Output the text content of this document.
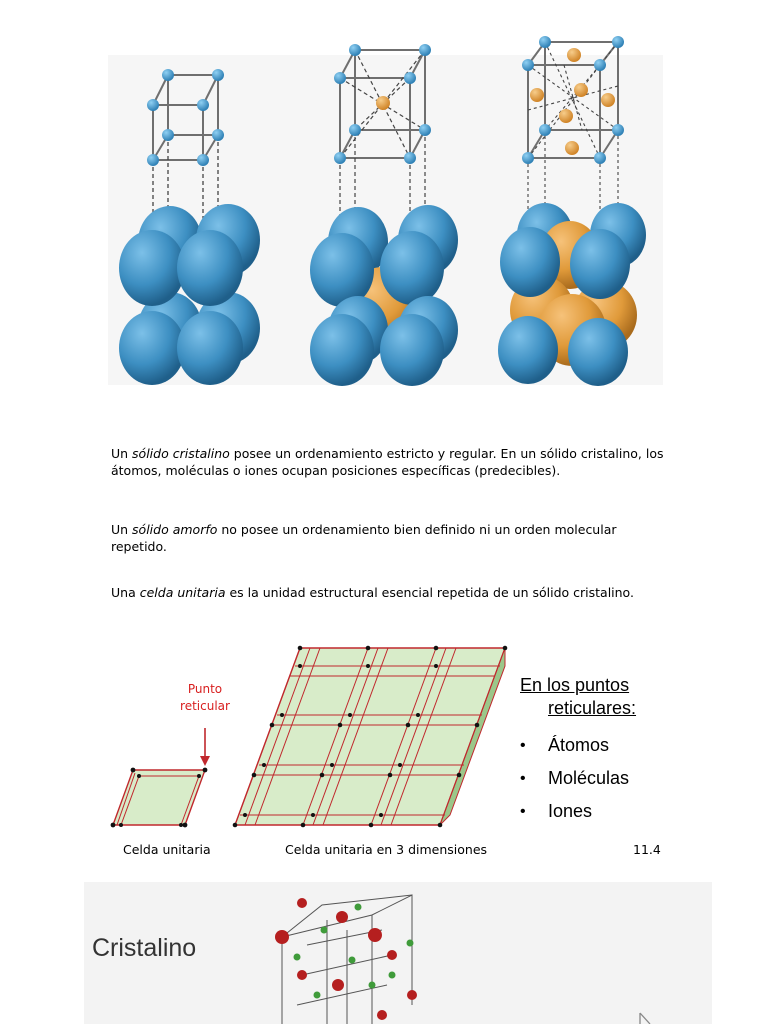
Un sólido cristalino posee un ordenamiento estricto y regular. En un sólido cristalino, los átomos, moléculas o iones ocupan posiciones específicas (predecibles).

Un sólido amorfo no posee un ordenamiento bien definido ni un orden molecular repetido.

Una celda unitaria es la unidad estructural esencial repetida de un sólido cristalino.

Punto
reticular
Celda unitaria	Celda unitaria en 3 dimensiones	11.4
En los puntos
reticulares:
• Átomos
• Moléculas
• Iones
Cristalino
